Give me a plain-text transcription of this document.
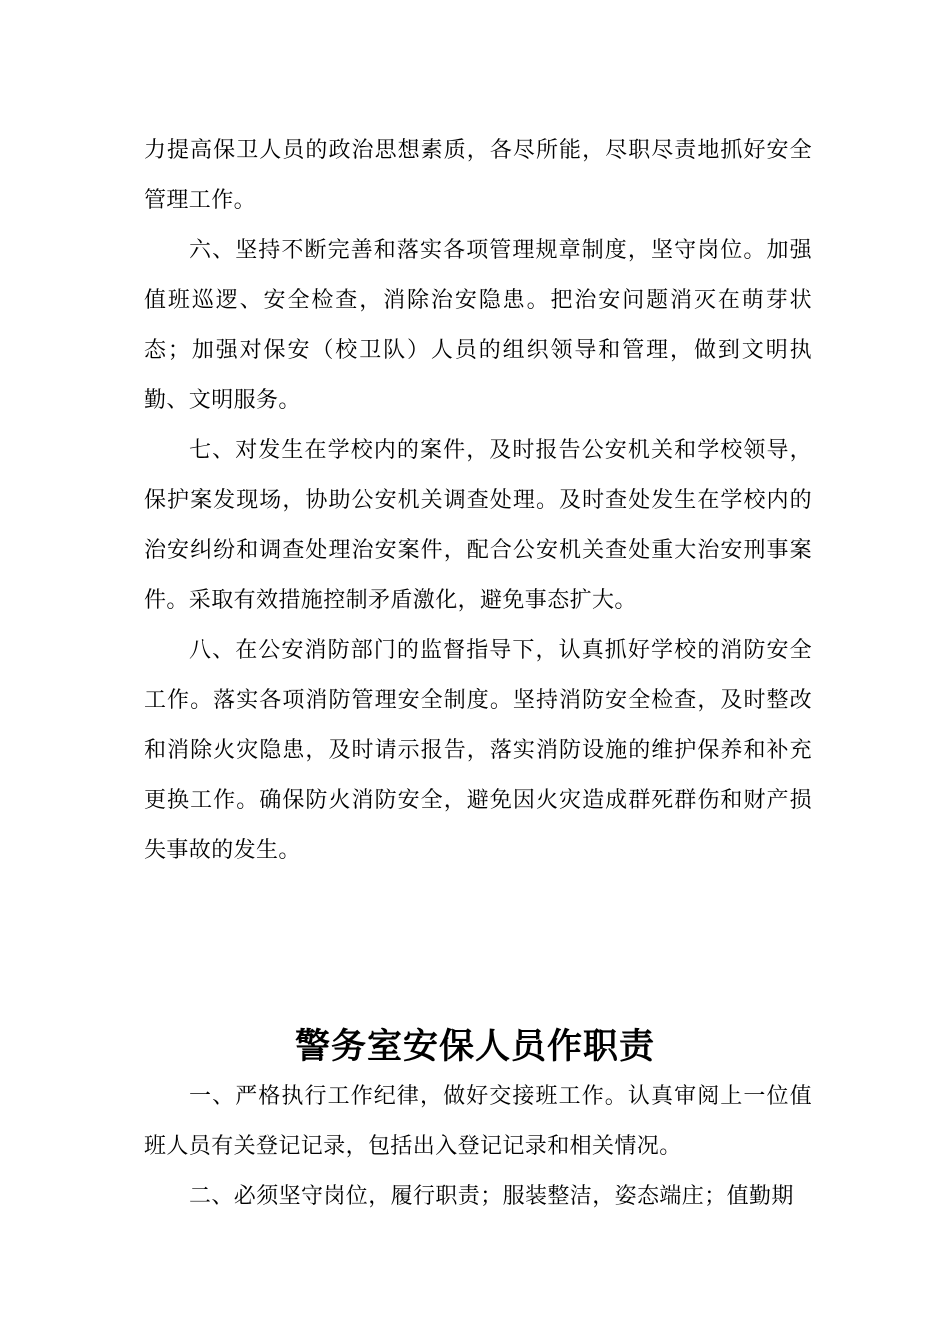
力提高保卫人员的政治思想素质，各尽所能，尽职尽责地抓好安全管理工作。

六、坚持不断完善和落实各项管理规章制度，坚守岗位。加强值班巡逻、安全检查，消除治安隐患。把治安问题消灭在萌芽状态；加强对保安（校卫队）人员的组织领导和管理，做到文明执勤、文明服务。

七、对发生在学校内的案件，及时报告公安机关和学校领导，保护案发现场，协助公安机关调查处理。及时查处发生在学校内的治安纠纷和调查处理治安案件，配合公安机关查处重大治安刑事案件。采取有效措施控制矛盾激化，避免事态扩大。

八、在公安消防部门的监督指导下，认真抓好学校的消防安全工作。落实各项消防管理安全制度。坚持消防安全检查，及时整改和消除火灾隐患，及时请示报告，落实消防设施的维护保养和补充更换工作。确保防火消防安全，避免因火灾造成群死群伤和财产损失事故的发生。

警务室安保人员作职责

一、严格执行工作纪律，做好交接班工作。认真审阅上一位值班人员有关登记记录，包括出入登记记录和相关情况。

二、必须坚守岗位，履行职责；服装整洁，姿态端庄；值勤期
